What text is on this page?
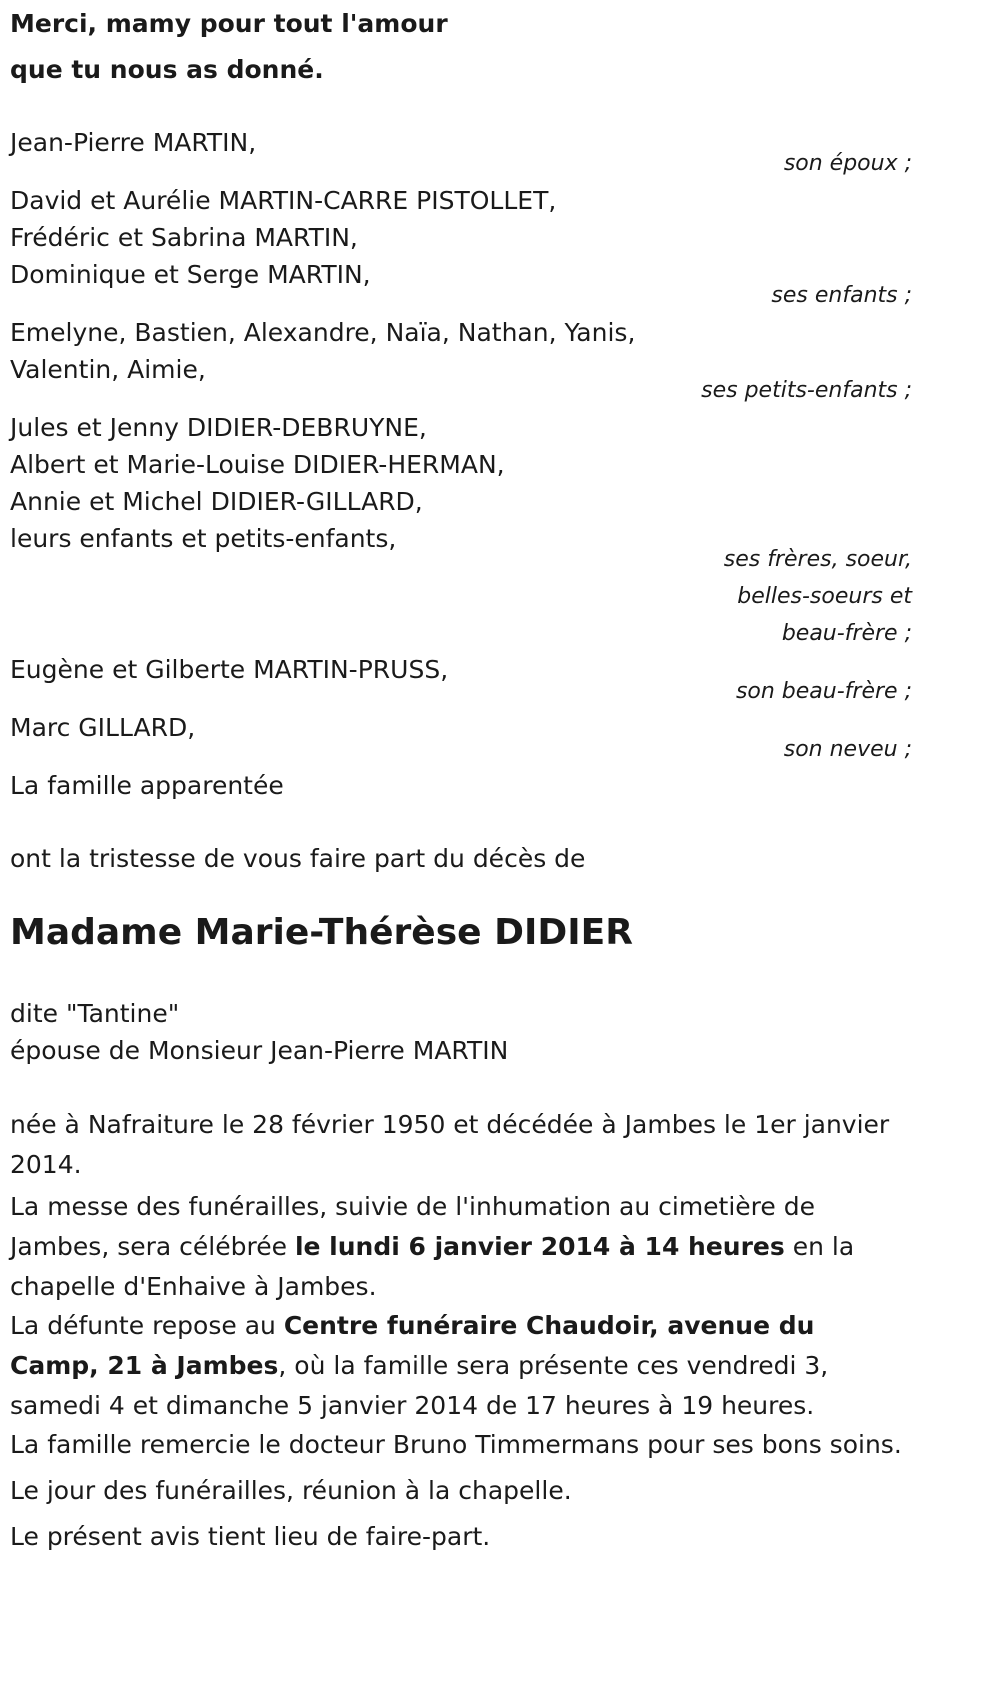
Merci, mamy pour tout l'amour
que tu nous as donné.
Jean-Pierre MARTIN,
son époux ;
David et Aurélie MARTIN-CARRE PISTOLLET,
Frédéric et Sabrina MARTIN,
Dominique et Serge MARTIN,
ses enfants ;
Emelyne, Bastien, Alexandre, Naïa, Nathan, Yanis,
Valentin, Aimie,
ses petits-enfants ;
Jules et Jenny DIDIER-DEBRUYNE,
Albert et Marie-Louise DIDIER-HERMAN,
Annie et Michel DIDIER-GILLARD,
leurs enfants et petits-enfants,
ses frères, soeur,
belles-soeurs et
beau-frère ;
Eugène et Gilberte MARTIN-PRUSS,
son beau-frère ;
Marc GILLARD,
son neveu ;
La famille apparentée
ont la tristesse de vous faire part du décès de
Madame Marie-Thérèse DIDIER
dite "Tantine"
épouse de Monsieur Jean-Pierre MARTIN
née à Nafraiture le 28 février 1950 et décédée à Jambes le 1er janvier 2014.
La messe des funérailles, suivie de l'inhumation au cimetière de Jambes, sera célébrée le lundi 6 janvier 2014 à 14 heures en la chapelle d'Enhaive à Jambes.
La défunte repose au Centre funéraire Chaudoir, avenue du Camp, 21 à Jambes, où la famille sera présente ces vendredi 3, samedi 4 et dimanche 5 janvier 2014 de 17 heures à 19 heures.
La famille remercie le docteur Bruno Timmermans pour ses bons soins.
Le jour des funérailles, réunion à la chapelle.
Le présent avis tient lieu de faire-part.
